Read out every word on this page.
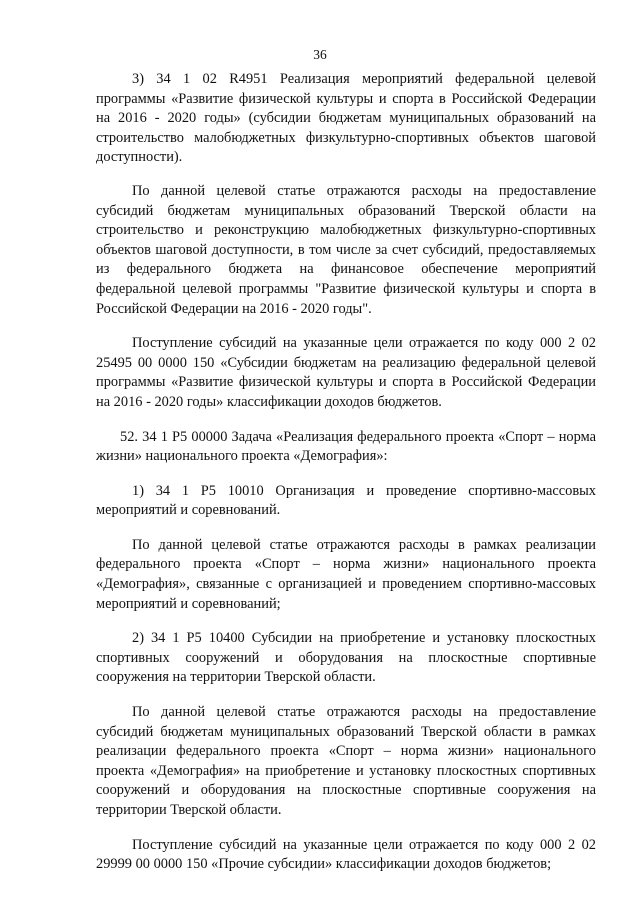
36

3) 34 1 02 R4951 Реализация мероприятий федеральной целевой программы «Развитие физической культуры и спорта в Российской Федерации на 2016 - 2020 годы» (субсидии бюджетам муниципальных образований на строительство малобюджетных физкультурно-спортивных объектов шаговой доступности).

По данной целевой статье отражаются расходы на предоставление субсидий бюджетам муниципальных образований Тверской области на строительство и реконструкцию малобюджетных физкультурно-спортивных объектов шаговой доступности, в том числе за счет субсидий, предоставляемых из федерального бюджета на финансовое обеспечение мероприятий федеральной целевой программы "Развитие физической культуры и спорта в Российской Федерации на 2016 - 2020 годы".

Поступление субсидий на указанные цели отражается по коду 000 2 02 25495 00 0000 150 «Субсидии бюджетам на реализацию федеральной целевой программы «Развитие физической культуры и спорта в Российской Федерации на 2016 - 2020 годы» классификации доходов бюджетов.

52. 34 1 P5 00000 Задача «Реализация федерального проекта «Спорт – норма жизни» национального проекта «Демография»:

1) 34 1 P5 10010 Организация и проведение спортивно-массовых мероприятий и соревнований.

По данной целевой статье отражаются расходы в рамках реализации федерального проекта «Спорт – норма жизни» национального проекта «Демография», связанные с организацией и проведением спортивно-массовых мероприятий и соревнований;

2) 34 1 P5 10400 Субсидии на приобретение и установку плоскостных спортивных сооружений и оборудования на плоскостные спортивные сооружения на территории Тверской области.

По данной целевой статье отражаются расходы на предоставление субсидий бюджетам муниципальных образований Тверской области в рамках реализации федерального проекта «Спорт – норма жизни» национального проекта «Демография» на приобретение и установку плоскостных спортивных сооружений и оборудования на плоскостные спортивные сооружения на территории Тверской области.

Поступление субсидий на указанные цели отражается по коду 000 2 02 29999 00 0000 150 «Прочие субсидии» классификации доходов бюджетов;
